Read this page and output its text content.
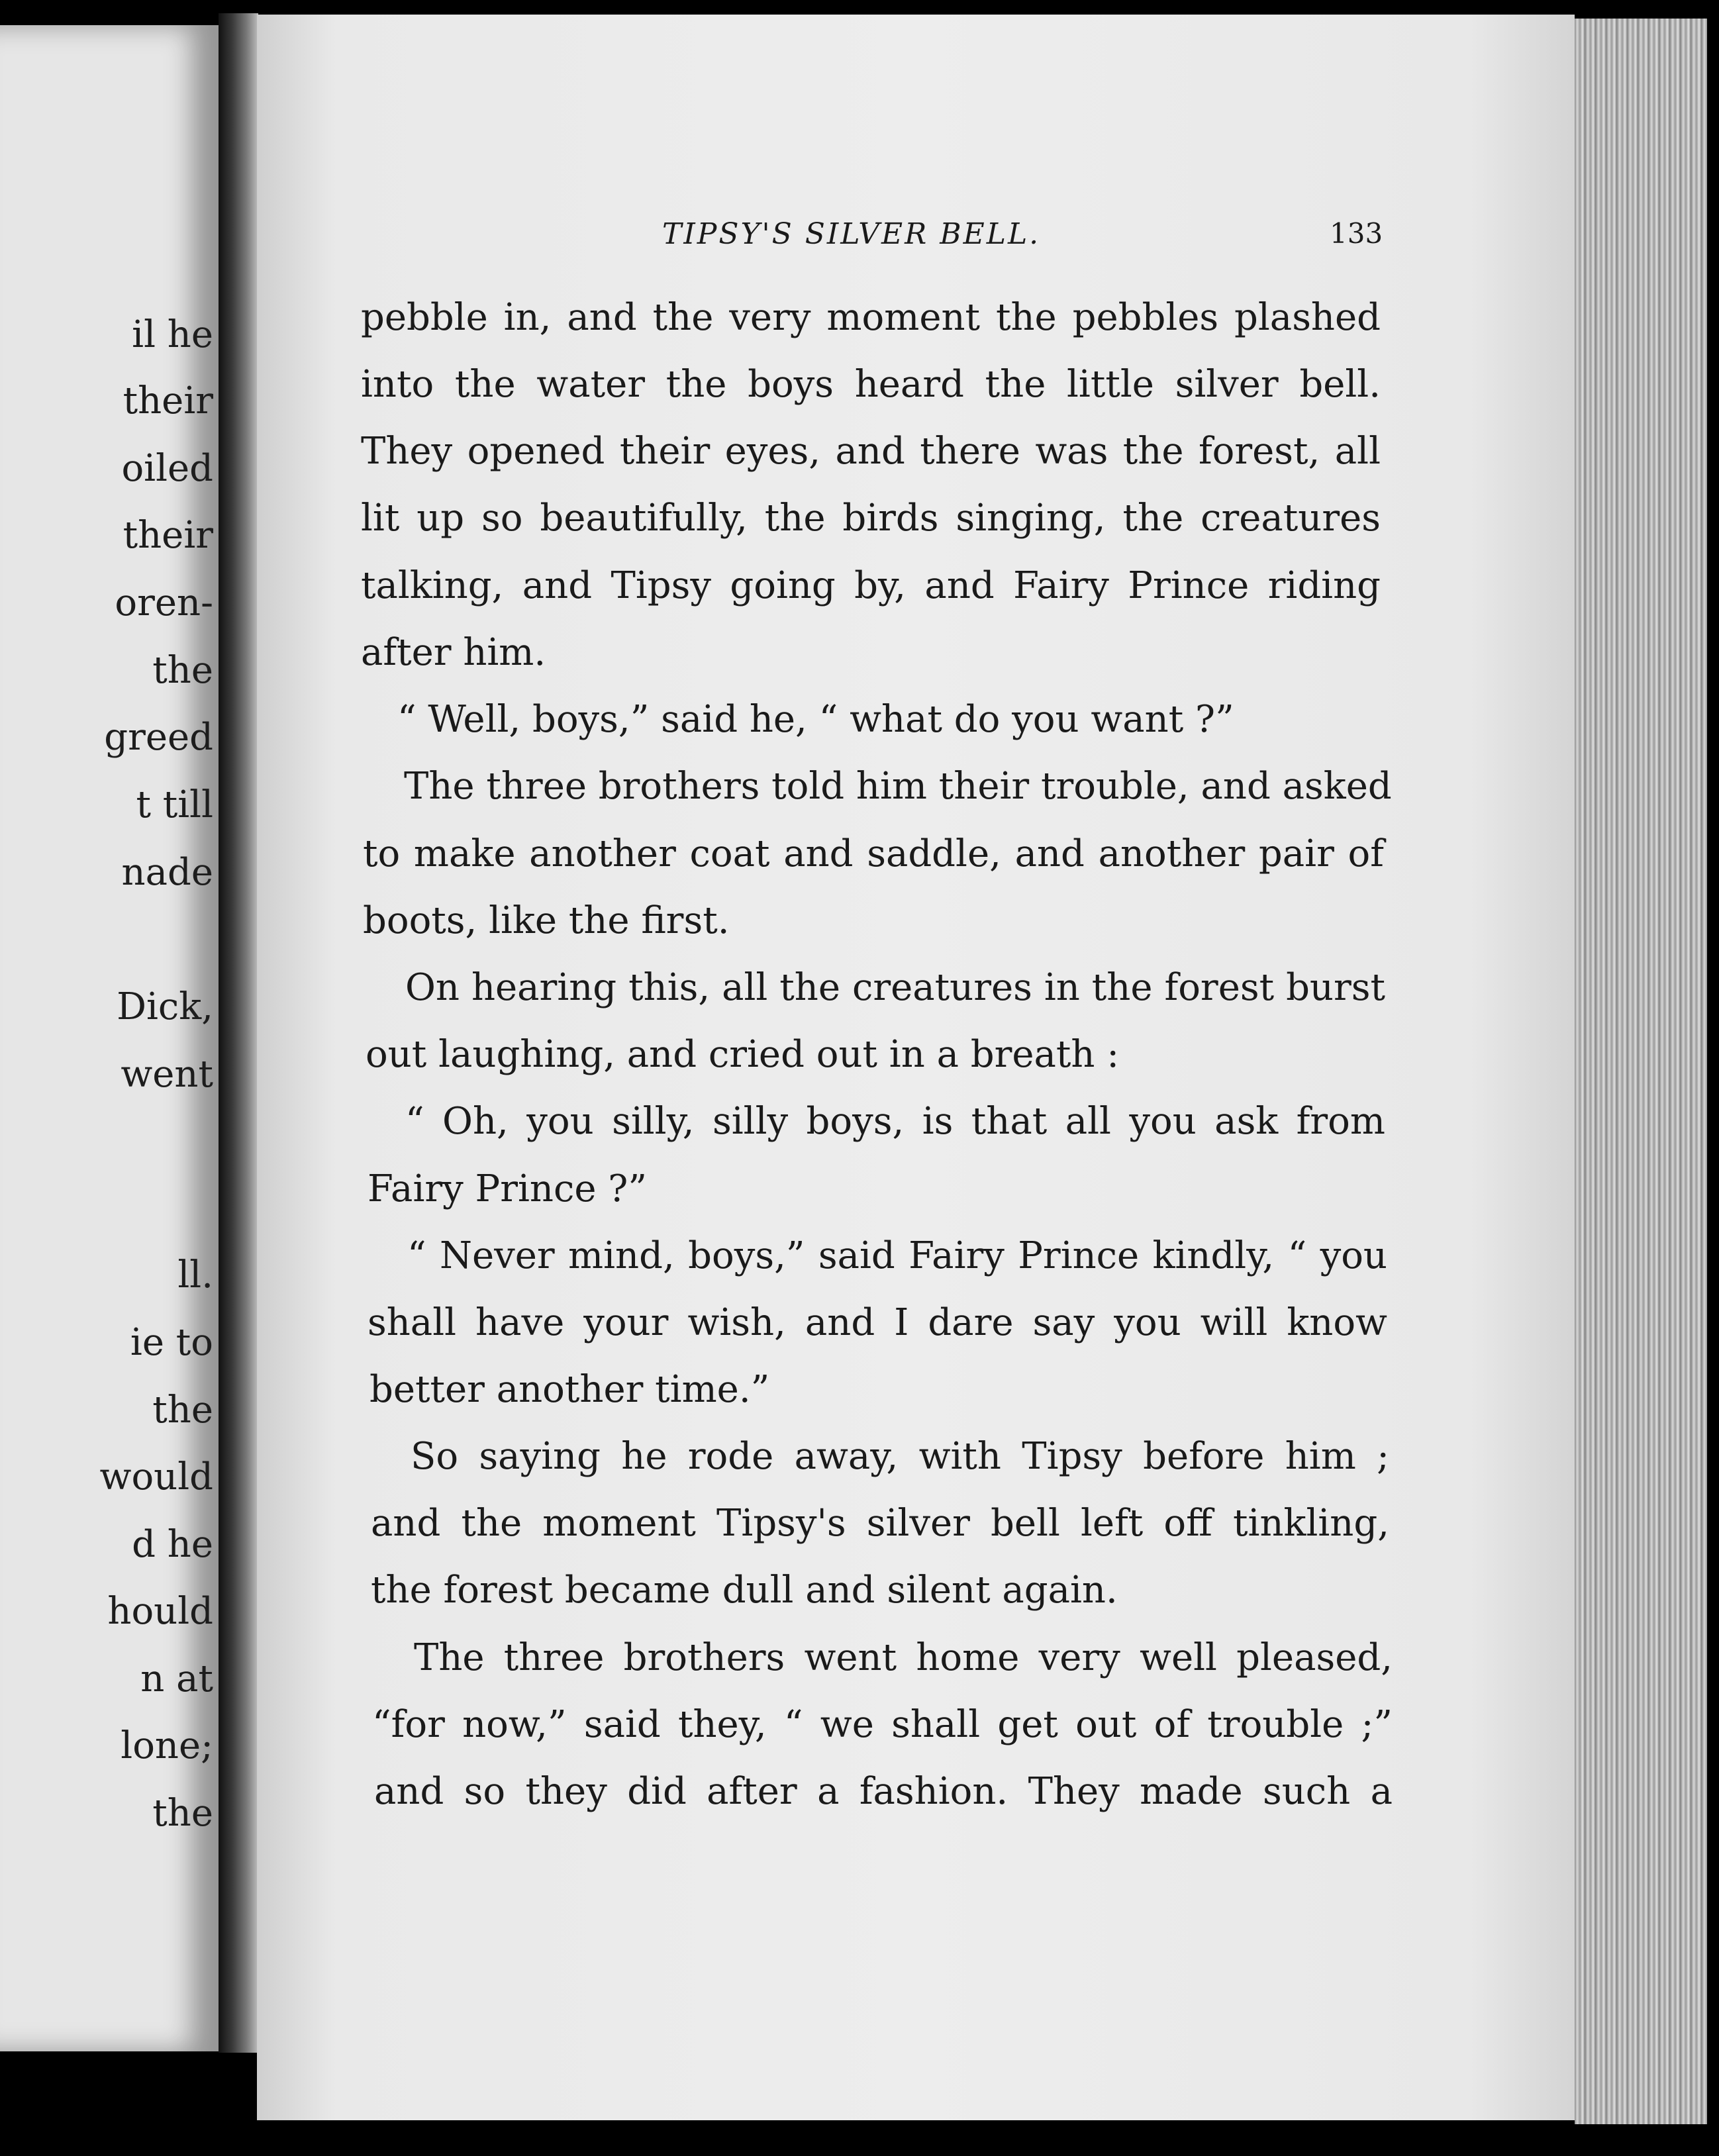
il he

their

oiled

their

oren-

the

greed

t till

nade

Dick,

went

ll.

ie to

the

would

d he

hould

n at

lone;

the

TIPSY'S SILVER BELL.	133

pebble in, and the very moment the pebbles plashed

into the water the boys heard the little silver bell.

They opened their eyes, and there was the forest, all

lit up so beautifully, the birds singing, the creatures

talking, and Tipsy going by, and Fairy Prince riding

after him.

“ Well, boys,” said he, “ what do you want ?”

The three brothers told him their trouble, and asked

to make another coat and saddle, and another pair of

boots, like the first.

On hearing this, all the creatures in the forest burst

out laughing, and cried out in a breath :

“ Oh, you silly, silly boys, is that all you ask from

Fairy Prince ?”

“ Never mind, boys,” said Fairy Prince kindly, “ you

shall have your wish, and I dare say you will know

better another time.”

So saying he rode away, with Tipsy before him ;

and the moment Tipsy's silver bell left off tinkling,

the forest became dull and silent again.

The three brothers went home very well pleased,

“for now,” said they, “ we shall get out of trouble ;”

and so they did after a fashion. They made such a
